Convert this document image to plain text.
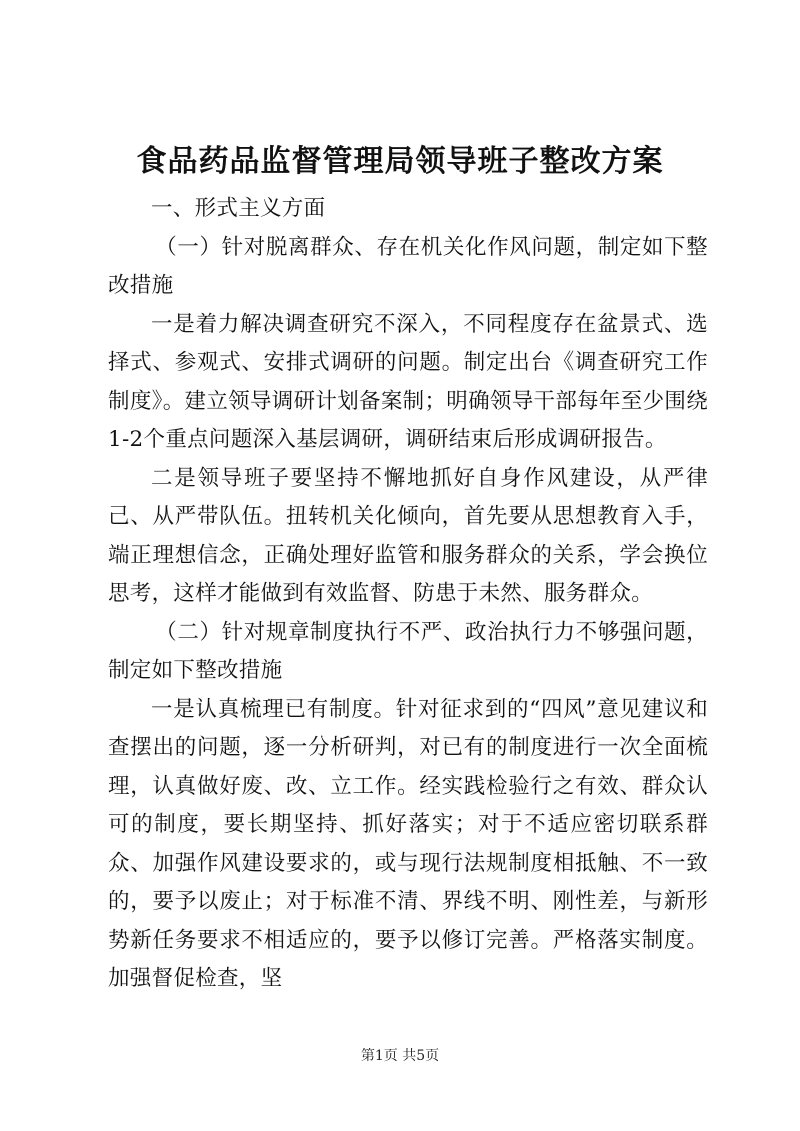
食品药品监督管理局领导班子整改方案

一、形式主义方面

（一）针对脱离群众、存在机关化作风问题，制定如下整改措施

一是着力解决调查研究不深入，不同程度存在盆景式、选择式、参观式、安排式调研的问题。制定出台《调查研究工作制度》。建立领导调研计划备案制；明确领导干部每年至少围绕1-2个重点问题深入基层调研，调研结束后形成调研报告。

二是领导班子要坚持不懈地抓好自身作风建设，从严律己、从严带队伍。扭转机关化倾向，首先要从思想教育入手，端正理想信念，正确处理好监管和服务群众的关系，学会换位思考，这样才能做到有效监督、防患于未然、服务群众。

（二）针对规章制度执行不严、政治执行力不够强问题，制定如下整改措施

一是认真梳理已有制度。针对征求到的“四风”意见建议和查摆出的问题，逐一分析研判，对已有的制度进行一次全面梳理，认真做好废、改、立工作。经实践检验行之有效、群众认可的制度，要长期坚持、抓好落实；对于不适应密切联系群众、加强作风建设要求的，或与现行法规制度相抵触、不一致的，要予以废止；对于标准不清、界线不明、刚性差，与新形势新任务要求不相适应的，要予以修订完善。严格落实制度。加强督促检查，坚

第1页 共5页
